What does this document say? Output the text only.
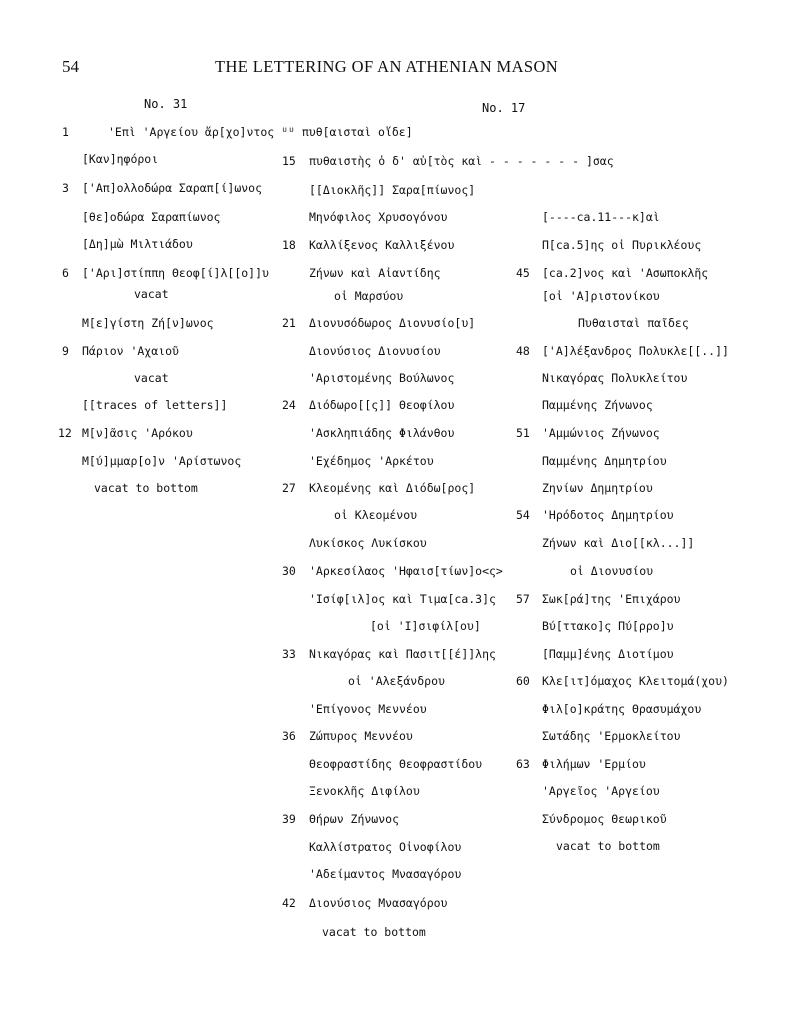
54	THE LETTERING OF AN ATHENIAN MASON
No. 31	No. 17
1	'Επὶ 'Αργείου ἄρ[χο]ντος ᵁᵁ πυθ[αισταὶ οἵδε]
[Καν]ηφόροι
3 ['Απ]ολλοδώρα Σαραπ[ί]ωνος
[θε]οδώρα Σαραπίωνος
[Δη]μὼ Μιλτιάδου
6 ['Αρι]στίππη Θεοφ[ί]λ[[ο]]υ
vacat
Μ[ε]γίστη Ζή[ν]ωνος
9 Πάριον 'Αχαιοῦ
vacat
[[traces of letters]]
12 Μ[ν]ᾶσις 'Αρόκου
Μ[ύ]μμαρ[ο]ν 'Αρίστωνος
vacat to bottom
15 πυθαιστὴς ὁ δ' αὐ[τὸς καὶ - - - - - - - ]σας
[[Διοκλῆς]] Σαρα[πίωνος]
Μηνόφιλος Χρυσογόνου
18 Καλλίξενος Καλλιξένου
Ζήνων καὶ Αἰαντίδης
οἱ Μαρσύου
21 Διονυσόδωρος Διονυσίο[υ]
Διονύσιος Διονυσίου
'Αριστομένης Βούλωνος
24 Διόδωρο[[ς]] Θεοφίλου
'Ασκληπιάδης Φιλάνθου
'Εχέδημος 'Αρκέτου
27 Κλεομένης καὶ Διόδω[ρος]
οἱ Κλεομένου
Λυκίσκος Λυκίσκου
30 'Αρκεσίλαος 'Ηφαισ[τίων]ο<ς>
'Ισίφ[ιλ]ος καὶ Τιμα[ca.3]ς
[οἱ 'Ι]σιφίλ[ου]
33 Νικαγόρας καὶ Πασιτ[[έ]]λης
οἱ 'Αλεξάνδρου
'Επίγονος Μεννέου
36 Ζώπυρος Μεννέου
Θεοφραστίδης Θεοφραστίδου
Ξενοκλῆς Διφίλου
39 Θήρων Ζήνωνος
Καλλίστρατος Οἰνοφίλου
'Αδείμαντος Μνασαγόρου
42 Διονύσιος Μνασαγόρου
vacat to bottom
[----ca.11---κ]αὶ
Π[ca.5]ης οἱ Πυρικλέους
45 [ca.2]νος καὶ 'Ασωποκλῆς
[οἱ 'Α]ριστονίκου
Πυθαισταὶ παῖδες
48 ['Α]λέξανδρος Πολυκλε[[..]]
Νικαγόρας Πολυκλείτου
Παμμένης Ζήνωνος
51 'Αμμώνιος Ζήνωνος
Παμμένης Δημητρίου
Ζηνίων Δημητρίου
54 'Ηρόδοτος Δημητρίου
Ζήνων καὶ Διο[[κλ...]]
οἱ Διονυσίου
57 Σωκ[ρά]της 'Επιχάρου
Βύ[ττακο]ς Πύ[ρρο]υ
[Παμμ]ένης Διοτίμου
60 Κλε[ιτ]όμαχος Κλειτομά(χου)
Φιλ[ο]κράτης Θρασυμάχου
Σωτάδης 'Ερμοκλείτου
63 Φιλήμων 'Ερμίου
'Αργεῖος 'Αργείου
Σύνδρομος Θεωρικοῦ
vacat to bottom
